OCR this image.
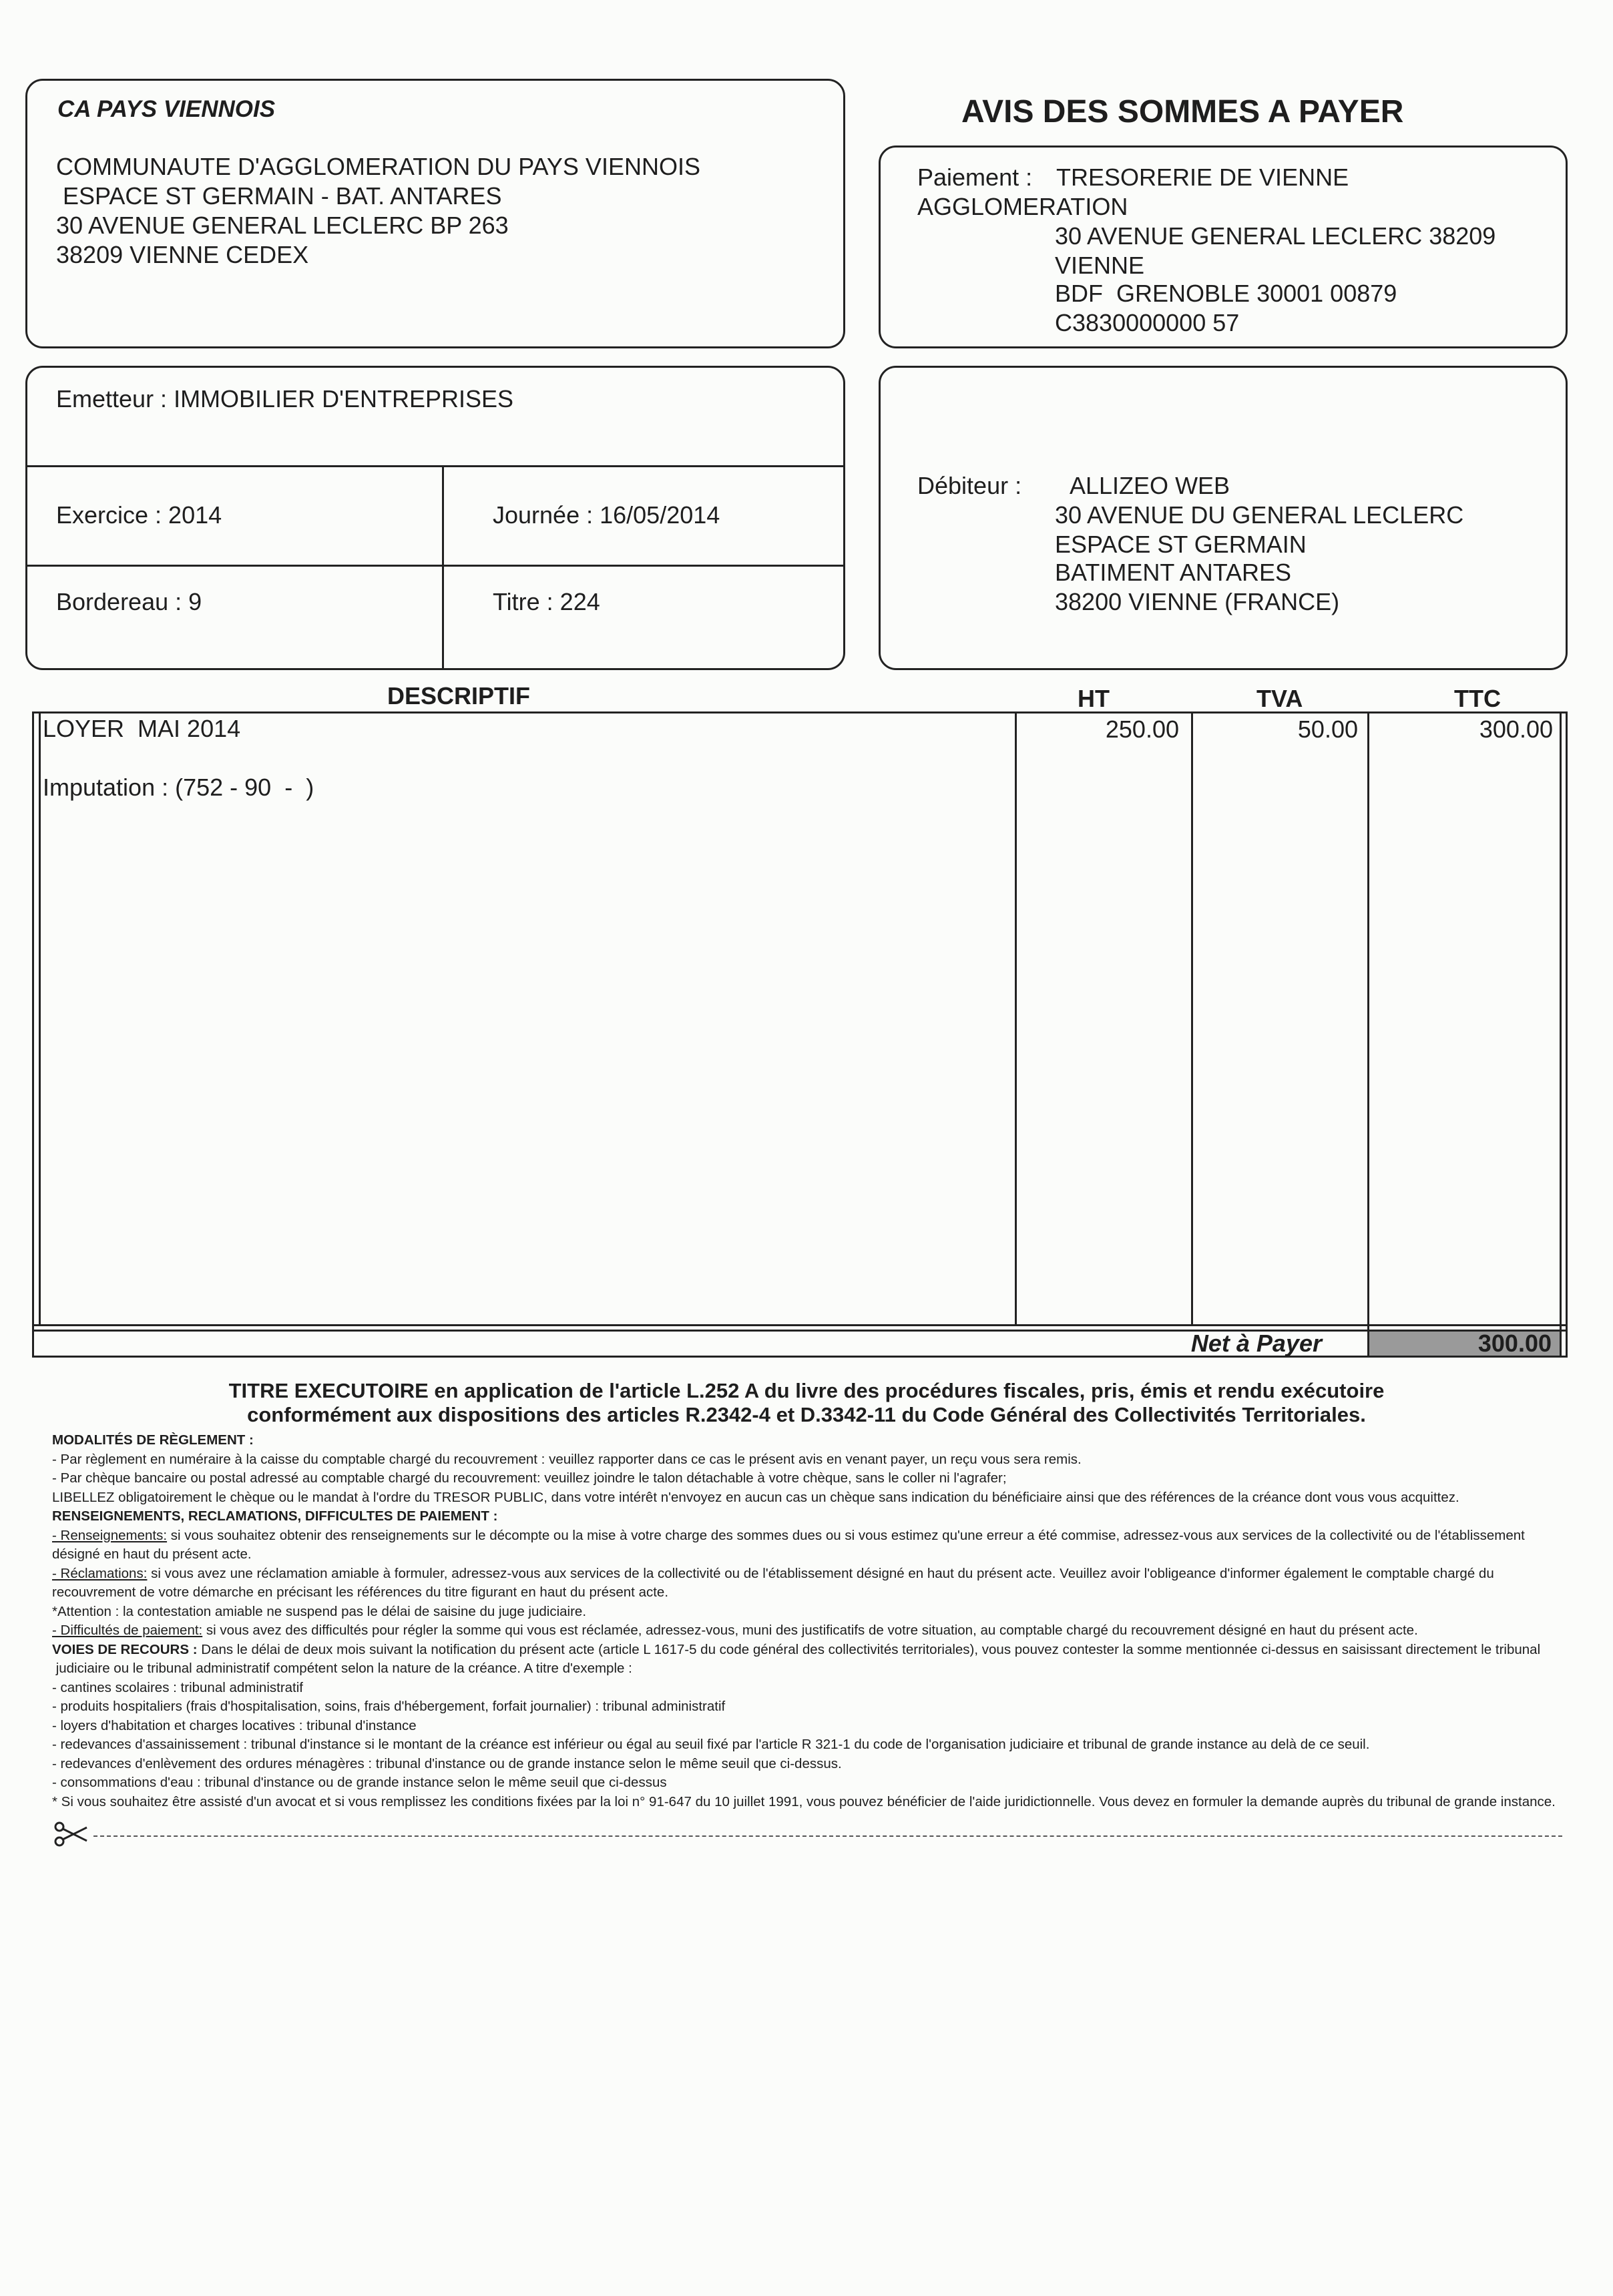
CA PAYS VIENNOIS
COMMUNAUTE D'AGGLOMERATION DU PAYS VIENNOIS
ESPACE ST GERMAIN - BAT. ANTARES
30 AVENUE GENERAL LECLERC BP 263
38209 VIENNE CEDEX
AVIS DES SOMMES A PAYER
Paiement : TRESORERIE DE VIENNE
AGGLOMERATION
30 AVENUE GENERAL LECLERC 38209
VIENNE
BDF  GRENOBLE 30001 00879
C3830000000 57
Emetteur : IMMOBILIER D'ENTREPRISES
Exercice : 2014	Journée : 16/05/2014
Bordereau : 9	Titre : 224
Débiteur : ALLIZEO WEB
30 AVENUE DU GENERAL LECLERC
ESPACE ST GERMAIN
BATIMENT ANTARES
38200 VIENNE (FRANCE)
DESCRIPTIF	HT	TVA	TTC
LOYER  MAI 2014	250.00	50.00	300.00
Imputation : (752 - 90  -  )
Net à Payer	300.00
TITRE EXECUTOIRE en application de l'article L.252 A du livre des procédures fiscales, pris, émis et rendu exécutoire
conformément aux dispositions des articles R.2342-4 et D.3342-11 du Code Général des Collectivités Territoriales.
MODALITÉS DE RÈGLEMENT :
- Par règlement en numéraire à la caisse du comptable chargé du recouvrement : veuillez rapporter dans ce cas le présent avis en venant payer, un reçu vous sera remis.
- Par chèque bancaire ou postal adressé au comptable chargé du recouvrement: veuillez joindre le talon détachable à votre chèque, sans le coller ni l'agrafer;
LIBELLEZ obligatoirement le chèque ou le mandat à l'ordre du TRESOR PUBLIC, dans votre intérêt n'envoyez en aucun cas un chèque sans indication du bénéficiaire ainsi que des références de la créance dont vous vous acquittez.
RENSEIGNEMENTS, RECLAMATIONS, DIFFICULTES DE PAIEMENT :
- Renseignements: si vous souhaitez obtenir des renseignements sur le décompte ou la mise à votre charge des sommes dues ou si vous estimez qu'une erreur a été commise, adressez-vous aux services de la collectivité ou de l'établissement
désigné en haut du présent acte.
- Réclamations: si vous avez une réclamation amiable à formuler, adressez-vous aux services de la collectivité ou de l'établissement désigné en haut du présent acte. Veuillez avoir l'obligeance d'informer également le comptable chargé du
recouvrement de votre démarche en précisant les références du titre figurant en haut du présent acte.
*Attention : la contestation amiable ne suspend pas le délai de saisine du juge judiciaire.
- Difficultés de paiement: si vous avez des difficultés pour régler la somme qui vous est réclamée, adressez-vous, muni des justificatifs de votre situation, au comptable chargé du recouvrement désigné en haut du présent acte.
VOIES DE RECOURS : Dans le délai de deux mois suivant la notification du présent acte (article L 1617-5 du code général des collectivités territoriales), vous pouvez contester la somme mentionnée ci-dessus en saisissant directement le tribunal
judiciaire ou le tribunal administratif compétent selon la nature de la créance. A titre d'exemple :
- cantines scolaires : tribunal administratif
- produits hospitaliers (frais d'hospitalisation, soins, frais d'hébergement, forfait journalier) : tribunal administratif
- loyers d'habitation et charges locatives : tribunal d'instance
- redevances d'assainissement : tribunal d'instance si le montant de la créance est inférieur ou égal au seuil fixé par l'article R 321-1 du code de l'organisation judiciaire et tribunal de grande instance au delà de ce seuil.
- redevances d'enlèvement des ordures ménagères : tribunal d'instance ou de grande instance selon le même seuil que ci-dessus.
- consommations d'eau : tribunal d'instance ou de grande instance selon le même seuil que ci-dessus
* Si vous souhaitez être assisté d'un avocat et si vous remplissez les conditions fixées par la loi n° 91-647 du 10 juillet 1991, vous pouvez bénéficier de l'aide juridictionnelle. Vous devez en formuler la demande auprès du tribunal de grande instance.
